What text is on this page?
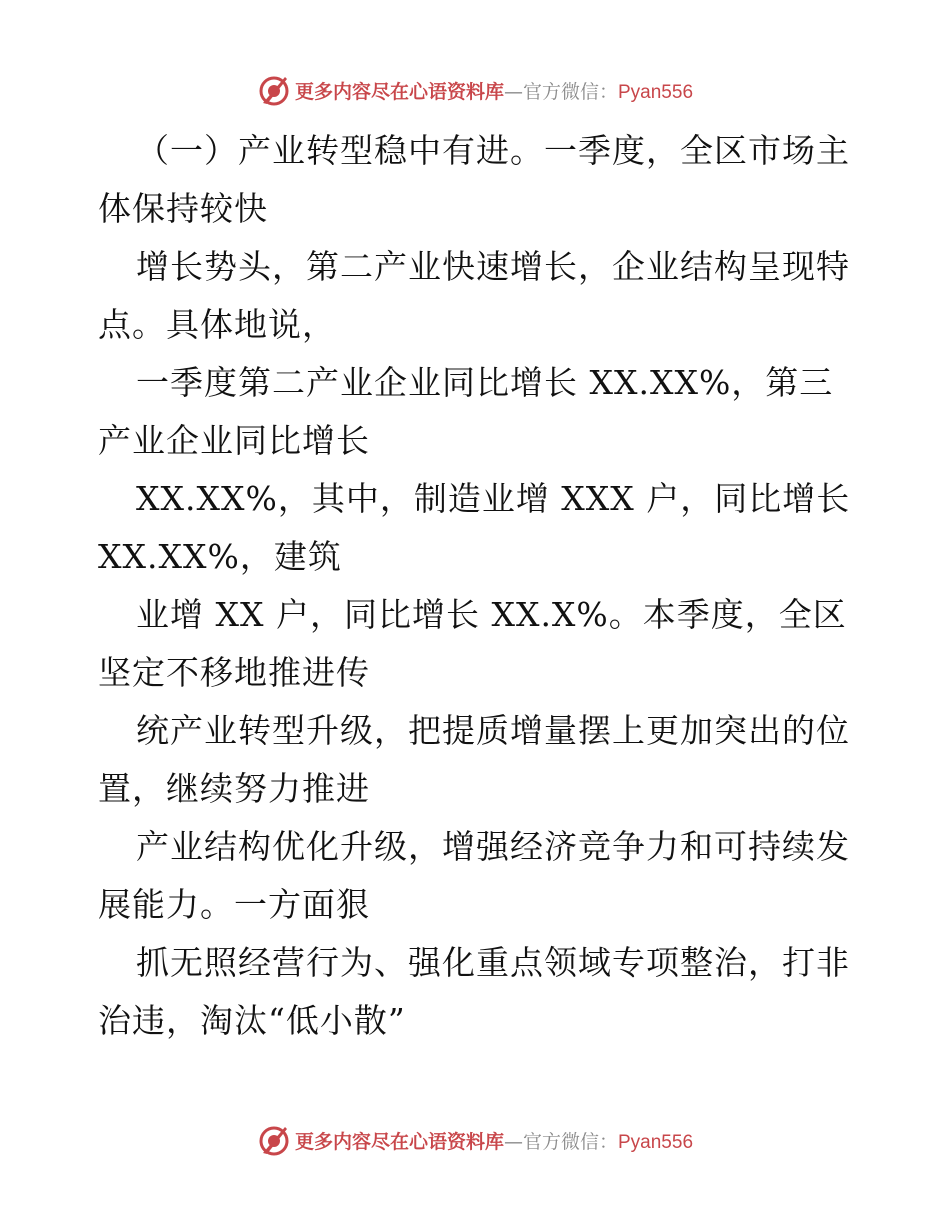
更多内容尽在心语资料库—官方微信：Pyan556

（一）产业转型稳中有进。一季度，全区市场主体保持较快

增长势头，第二产业快速增长，企业结构呈现特点。具体地说，

一季度第二产业企业同比增长 XX.XX%，第三产业企业同比增长

XX.XX%，其中，制造业增 XXX 户，同比增长 XX.XX%，建筑

业增 XX 户，同比增长 XX.X%。本季度，全区坚定不移地推进传

统产业转型升级，把提质增量摆上更加突出的位置，继续努力推进

产业结构优化升级，增强经济竞争力和可持续发展能力。一方面狠

抓无照经营行为、强化重点领域专项整治，打非治违，淘汰“低小散”

更多内容尽在心语资料库—官方微信：Pyan556
